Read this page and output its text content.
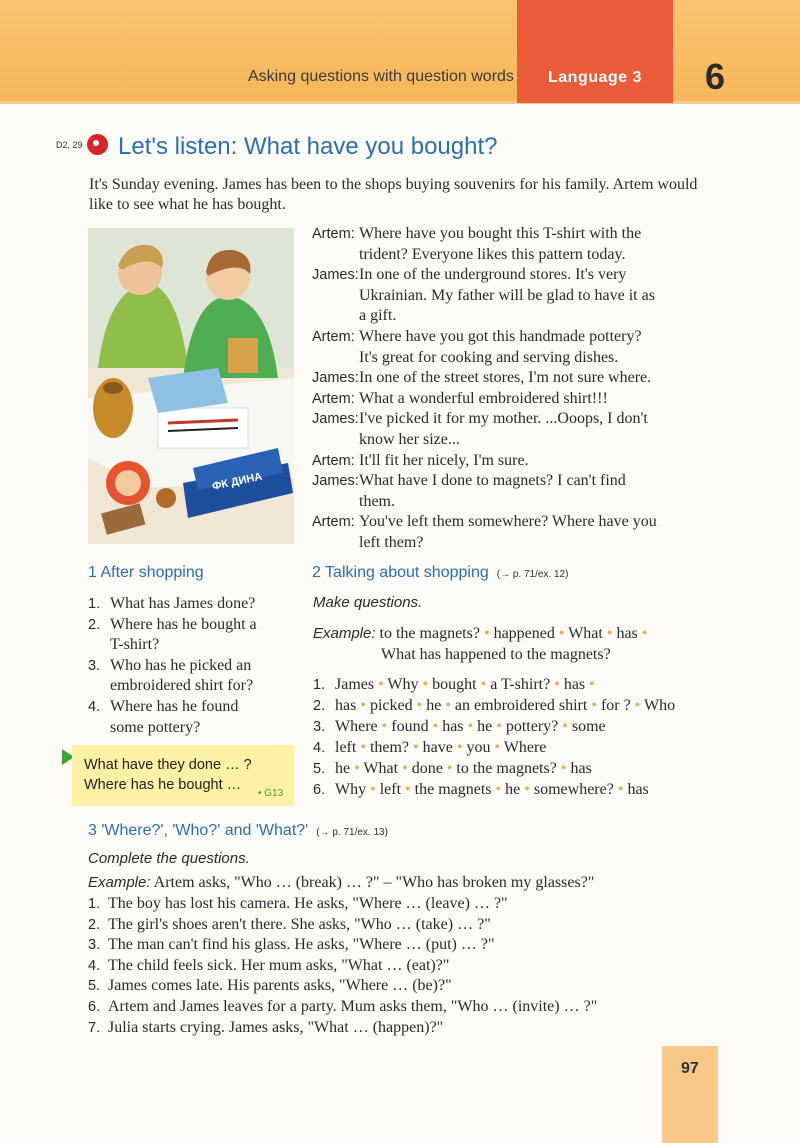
Asking questions with question words Language 3 6
D2, 29 Let's listen: What have you bought?
It's Sunday evening. James has been to the shops buying souvenirs for his family. Artem would like to see what he has bought.
ФК ДИНА
Artem: Where have you bought this T-shirt with the
trident? Everyone likes this pattern today.
James: In one of the underground stores. It's very
Ukrainian. My father will be glad to have it as
a gift.
Artem: Where have you got this handmade pottery?
It's great for cooking and serving dishes.
James: In one of the street stores, I'm not sure where.
Artem: What a wonderful embroidered shirt!!!
James: I've picked it for my mother. ...Ooops, I don't
know her size...
Artem: It'll fit her nicely, I'm sure.
James: What have I done to magnets? I can't find
them.
Artem: You've left them somewhere? Where have you
left them?
1 After shopping
1. What has James done?
2. Where has he bought a
T-shirt?
3. Who has he picked an
embroidered shirt for?
4. Where has he found
some pottery?
What have they done … ?
Where has he bought …
• G13
2 Talking about shopping (→ p. 71/ex. 12)
Make questions.
Example: to the magnets? • happened • What • has •
What has happened to the magnets?
1. James • Why • bought • a T-shirt? • has •
2. has • picked • he • an embroidered shirt • for ? • Who
3. Where • found • has • he • pottery? • some
4. left • them? • have • you • Where
5. he • What • done • to the magnets? • has
6. Why • left • the magnets • he • somewhere? • has
3 'Where?', 'Who?' and 'What?' (→ p. 71/ex. 13)
Complete the questions.
Example: Artem asks, "Who … (break) … ?" – "Who has broken my glasses?"
1. The boy has lost his camera. He asks, "Where … (leave) … ?"
2. The girl's shoes aren't there. She asks, "Who … (take) … ?"
3. The man can't find his glass. He asks, "Where … (put) … ?"
4. The child feels sick. Her mum asks, "What … (eat)?"
5. James comes late. His parents asks, "Where … (be)?"
6. Artem and James leaves for a party. Mum asks them, "Who … (invite) … ?"
7. Julia starts crying. James asks, "What … (happen)?"
97
